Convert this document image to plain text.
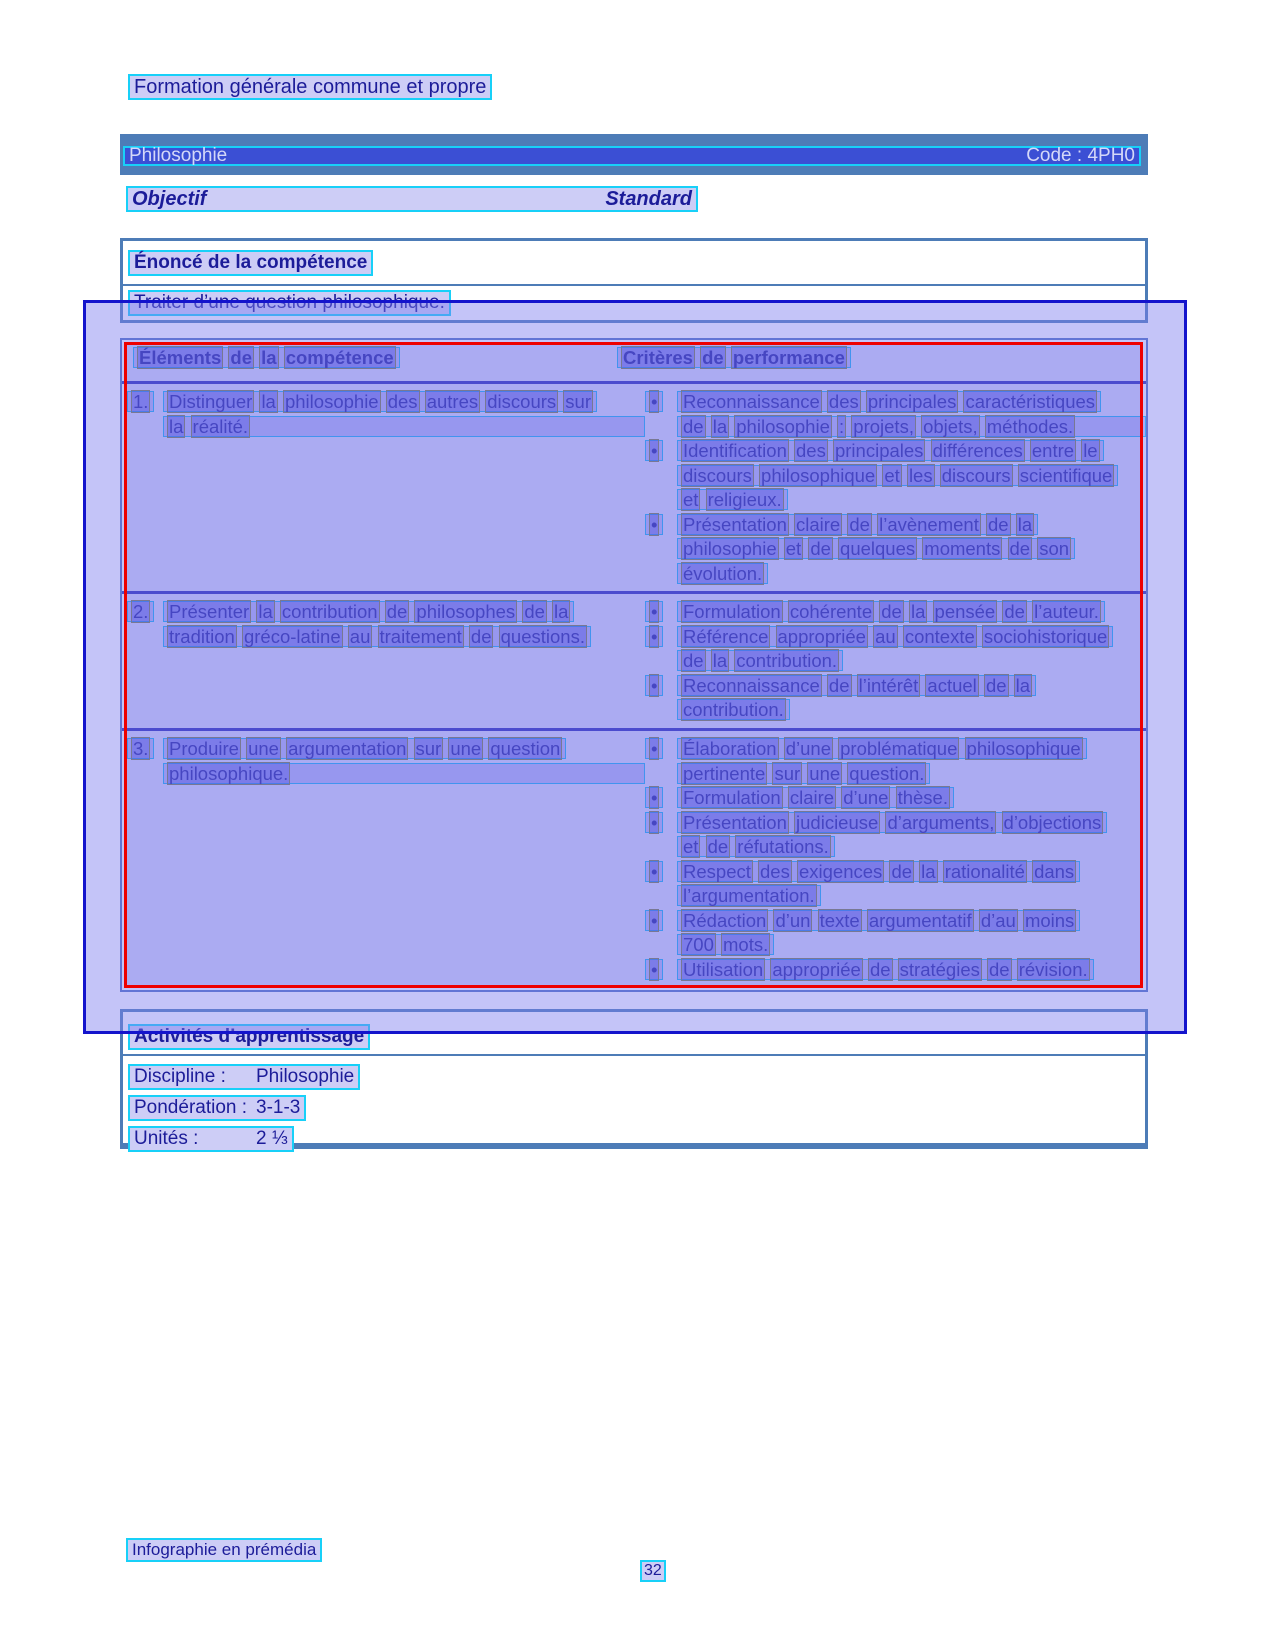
Formation générale commune et propre
Philosophie	Code : 4PH0
Objectif	Standard
Énoncé de la compétence
Traiter d’une question philosophique.
Éléments de la compétence	Critères de performance
1.	Distinguer la philosophie des autres discours sur
la réalité.
•	Reconnaissance des principales caractéristiques
de la philosophie : projets, objets, méthodes.
•	Identification des principales différences entre le
discours philosophique et les discours scientifique
et religieux.
•	Présentation claire de l’avènement de la
philosophie et de quelques moments de son
évolution.
2.	Présenter la contribution de philosophes de la
tradition gréco-latine au traitement de questions.
•	Formulation cohérente de la pensée de l’auteur.
•	Référence appropriée au contexte sociohistorique
de la contribution.
•	Reconnaissance de l’intérêt actuel de la
contribution.
3.	Produire une argumentation sur une question
philosophique.
•	Élaboration d’une problématique philosophique
pertinente sur une question.
•	Formulation claire d’une thèse.
•	Présentation judicieuse d’arguments, d’objections
et de réfutations.
•	Respect des exigences de la rationalité dans
l’argumentation.
•	Rédaction d’un texte argumentatif d’au moins
700 mots.
•	Utilisation appropriée de stratégies de révision.
Activités d’apprentissage
Discipline : Philosophie
Pondération : 3-1-3
Unités :	2 ⅓
Infographie en prémédia
32
